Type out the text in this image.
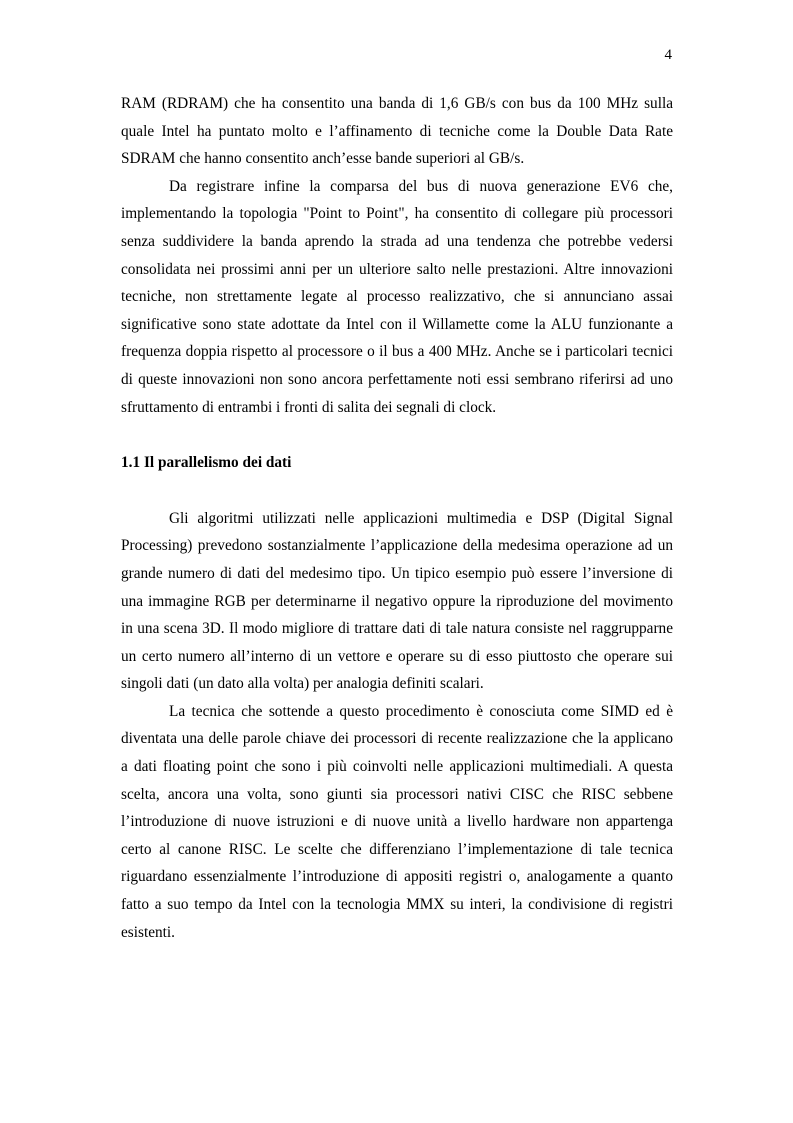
4

RAM (RDRAM) che ha consentito una banda di 1,6 GB/s con bus da 100 MHz sulla quale Intel ha puntato molto e l’affinamento di tecniche come la Double Data Rate SDRAM che hanno consentito anch’esse bande superiori al GB/s.

Da registrare infine la comparsa del bus di nuova generazione EV6 che, implementando la topologia "Point to Point", ha consentito di collegare più processori senza suddividere la banda aprendo la strada ad una tendenza che potrebbe vedersi consolidata nei prossimi anni per un ulteriore salto nelle prestazioni. Altre innovazioni tecniche, non strettamente legate al processo realizzativo, che si annunciano assai significative sono state adottate da Intel con il Willamette come la ALU funzionante a frequenza doppia rispetto al processore o il bus a 400 MHz. Anche se i particolari tecnici di queste innovazioni non sono ancora perfettamente noti essi sembrano riferirsi ad uno sfruttamento di entrambi i fronti di salita dei segnali di clock.

1.1 Il parallelismo dei dati

Gli algoritmi utilizzati nelle applicazioni multimedia e DSP (Digital Signal Processing) prevedono sostanzialmente l’applicazione della medesima operazione ad un grande numero di dati del medesimo tipo. Un tipico esempio può essere l’inversione di una immagine RGB per determinarne il negativo oppure la riproduzione del movimento in una scena 3D. Il modo migliore di trattare dati di tale natura consiste nel raggrupparne un certo numero all’interno di un vettore e operare su di esso piuttosto che operare sui singoli dati (un dato alla volta) per analogia definiti scalari.

La tecnica che sottende a questo procedimento è conosciuta come SIMD ed è diventata una delle parole chiave dei processori di recente realizzazione che la applicano a dati floating point che sono i più coinvolti nelle applicazioni multimediali. A questa scelta, ancora una volta, sono giunti sia processori nativi CISC che RISC sebbene l’introduzione di nuove istruzioni e di nuove unità a livello hardware non appartenga certo al canone RISC. Le scelte che differenziano l’implementazione di tale tecnica riguardano essenzialmente l’introduzione di appositi registri o, analogamente a quanto fatto a suo tempo da Intel con la tecnologia MMX su interi, la condivisione di registri esistenti.
